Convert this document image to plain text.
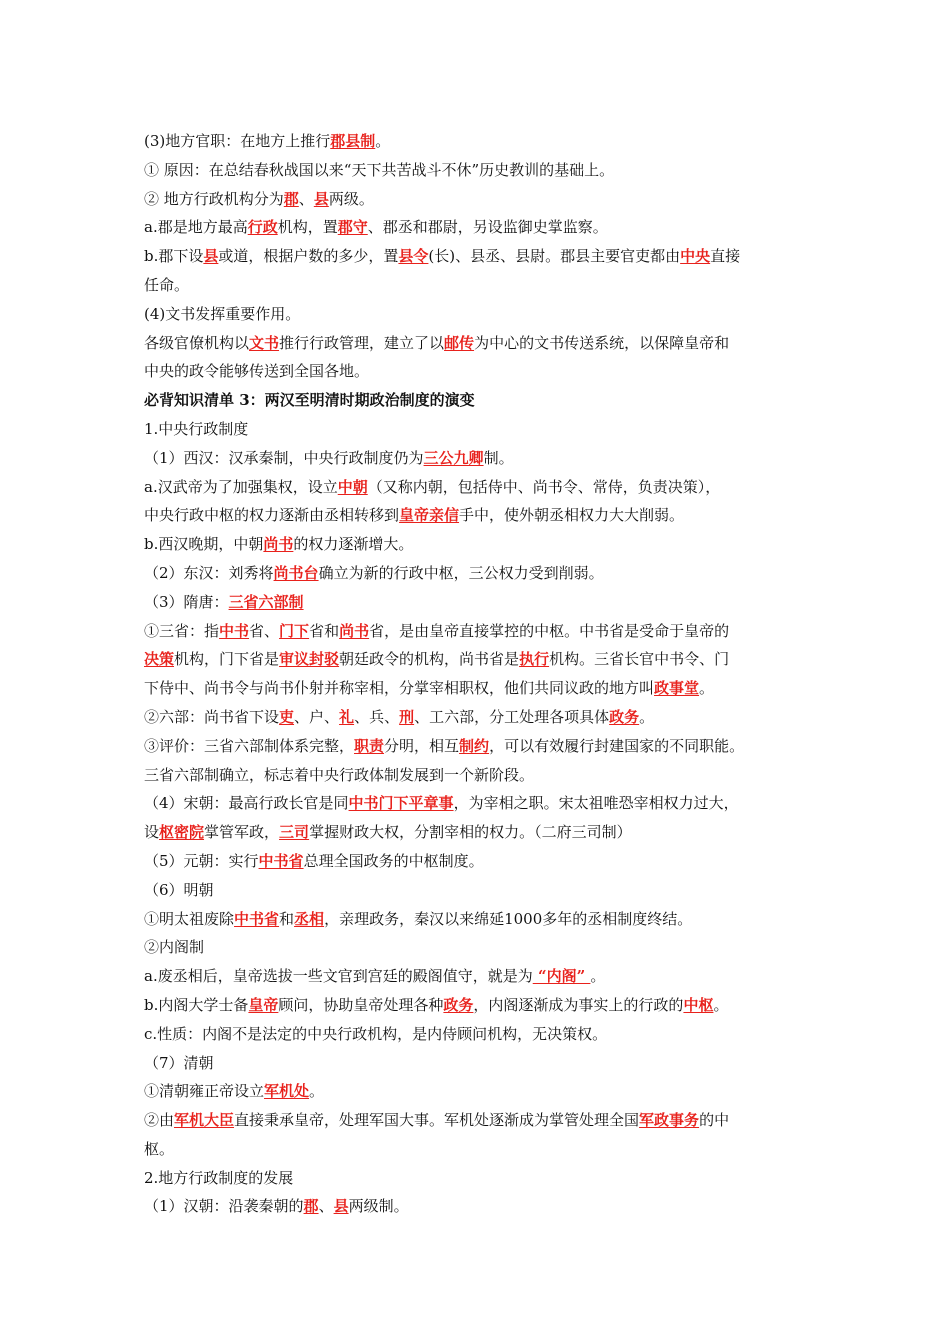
(3)地方官职：在地方上推行郡县制。
① 原因：在总结春秋战国以来“天下共苦战斗不休”历史教训的基础上。
② 地方行政机构分为郡、县两级。
a.郡是地方最高行政机构，置郡守、郡丞和郡尉，另设监御史掌监察。
b.郡下设县或道，根据户数的多少，置县令(长)、县丞、县尉。郡县主要官吏都由中央直接
任命。
(4)文书发挥重要作用。
各级官僚机构以文书推行行政管理，建立了以邮传为中心的文书传送系统，以保障皇帝和
中央的政令能够传送到全国各地。
必背知识清单 3：两汉至明清时期政治制度的演变
1.中央行政制度
（1）西汉：汉承秦制，中央行政制度仍为三公九卿制。
a.汉武帝为了加强集权，设立中朝（又称内朝，包括侍中、尚书令、常侍，负责决策），
中央行政中枢的权力逐渐由丞相转移到皇帝亲信手中，使外朝丞相权力大大削弱。
b.西汉晚期，中朝尚书的权力逐渐增大。
（2）东汉：刘秀将尚书台确立为新的行政中枢，三公权力受到削弱。
（3）隋唐：三省六部制
①三省：指中书省、门下省和尚书省，是由皇帝直接掌控的中枢。中书省是受命于皇帝的
决策机构，门下省是审议封驳朝廷政令的机构，尚书省是执行机构。三省长官中书令、门
下侍中、尚书令与尚书仆射并称宰相，分掌宰相职权，他们共同议政的地方叫政事堂。
②六部：尚书省下设吏、户、礼、兵、刑、工六部，分工处理各项具体政务。
③评价：三省六部制体系完整，职责分明，相互制约，可以有效履行封建国家的不同职能。
三省六部制确立，标志着中央行政体制发展到一个新阶段。
（4）宋朝：最高行政长官是同中书门下平章事，为宰相之职。宋太祖唯恐宰相权力过大，
设枢密院掌管军政，三司掌握财政大权，分割宰相的权力。（二府三司制）
（5）元朝：实行中书省总理全国政务的中枢制度。
（6）明朝
①明太祖废除中书省和丞相，亲理政务，秦汉以来绵延1000多年的丞相制度终结。
②内阁制
a.废丞相后，皇帝选拔一些文官到宫廷的殿阁值守，就是为 “内阁” 。
b.内阁大学士备皇帝顾问，协助皇帝处理各种政务，内阁逐渐成为事实上的行政的中枢。
c.性质：内阁不是法定的中央行政机构，是内侍顾问机构，无决策权。
（7）清朝
①清朝雍正帝设立军机处。
②由军机大臣直接秉承皇帝，处理军国大事。军机处逐渐成为掌管处理全国军政事务的中
枢。
2.地方行政制度的发展
（1）汉朝：沿袭秦朝的郡、县两级制。
